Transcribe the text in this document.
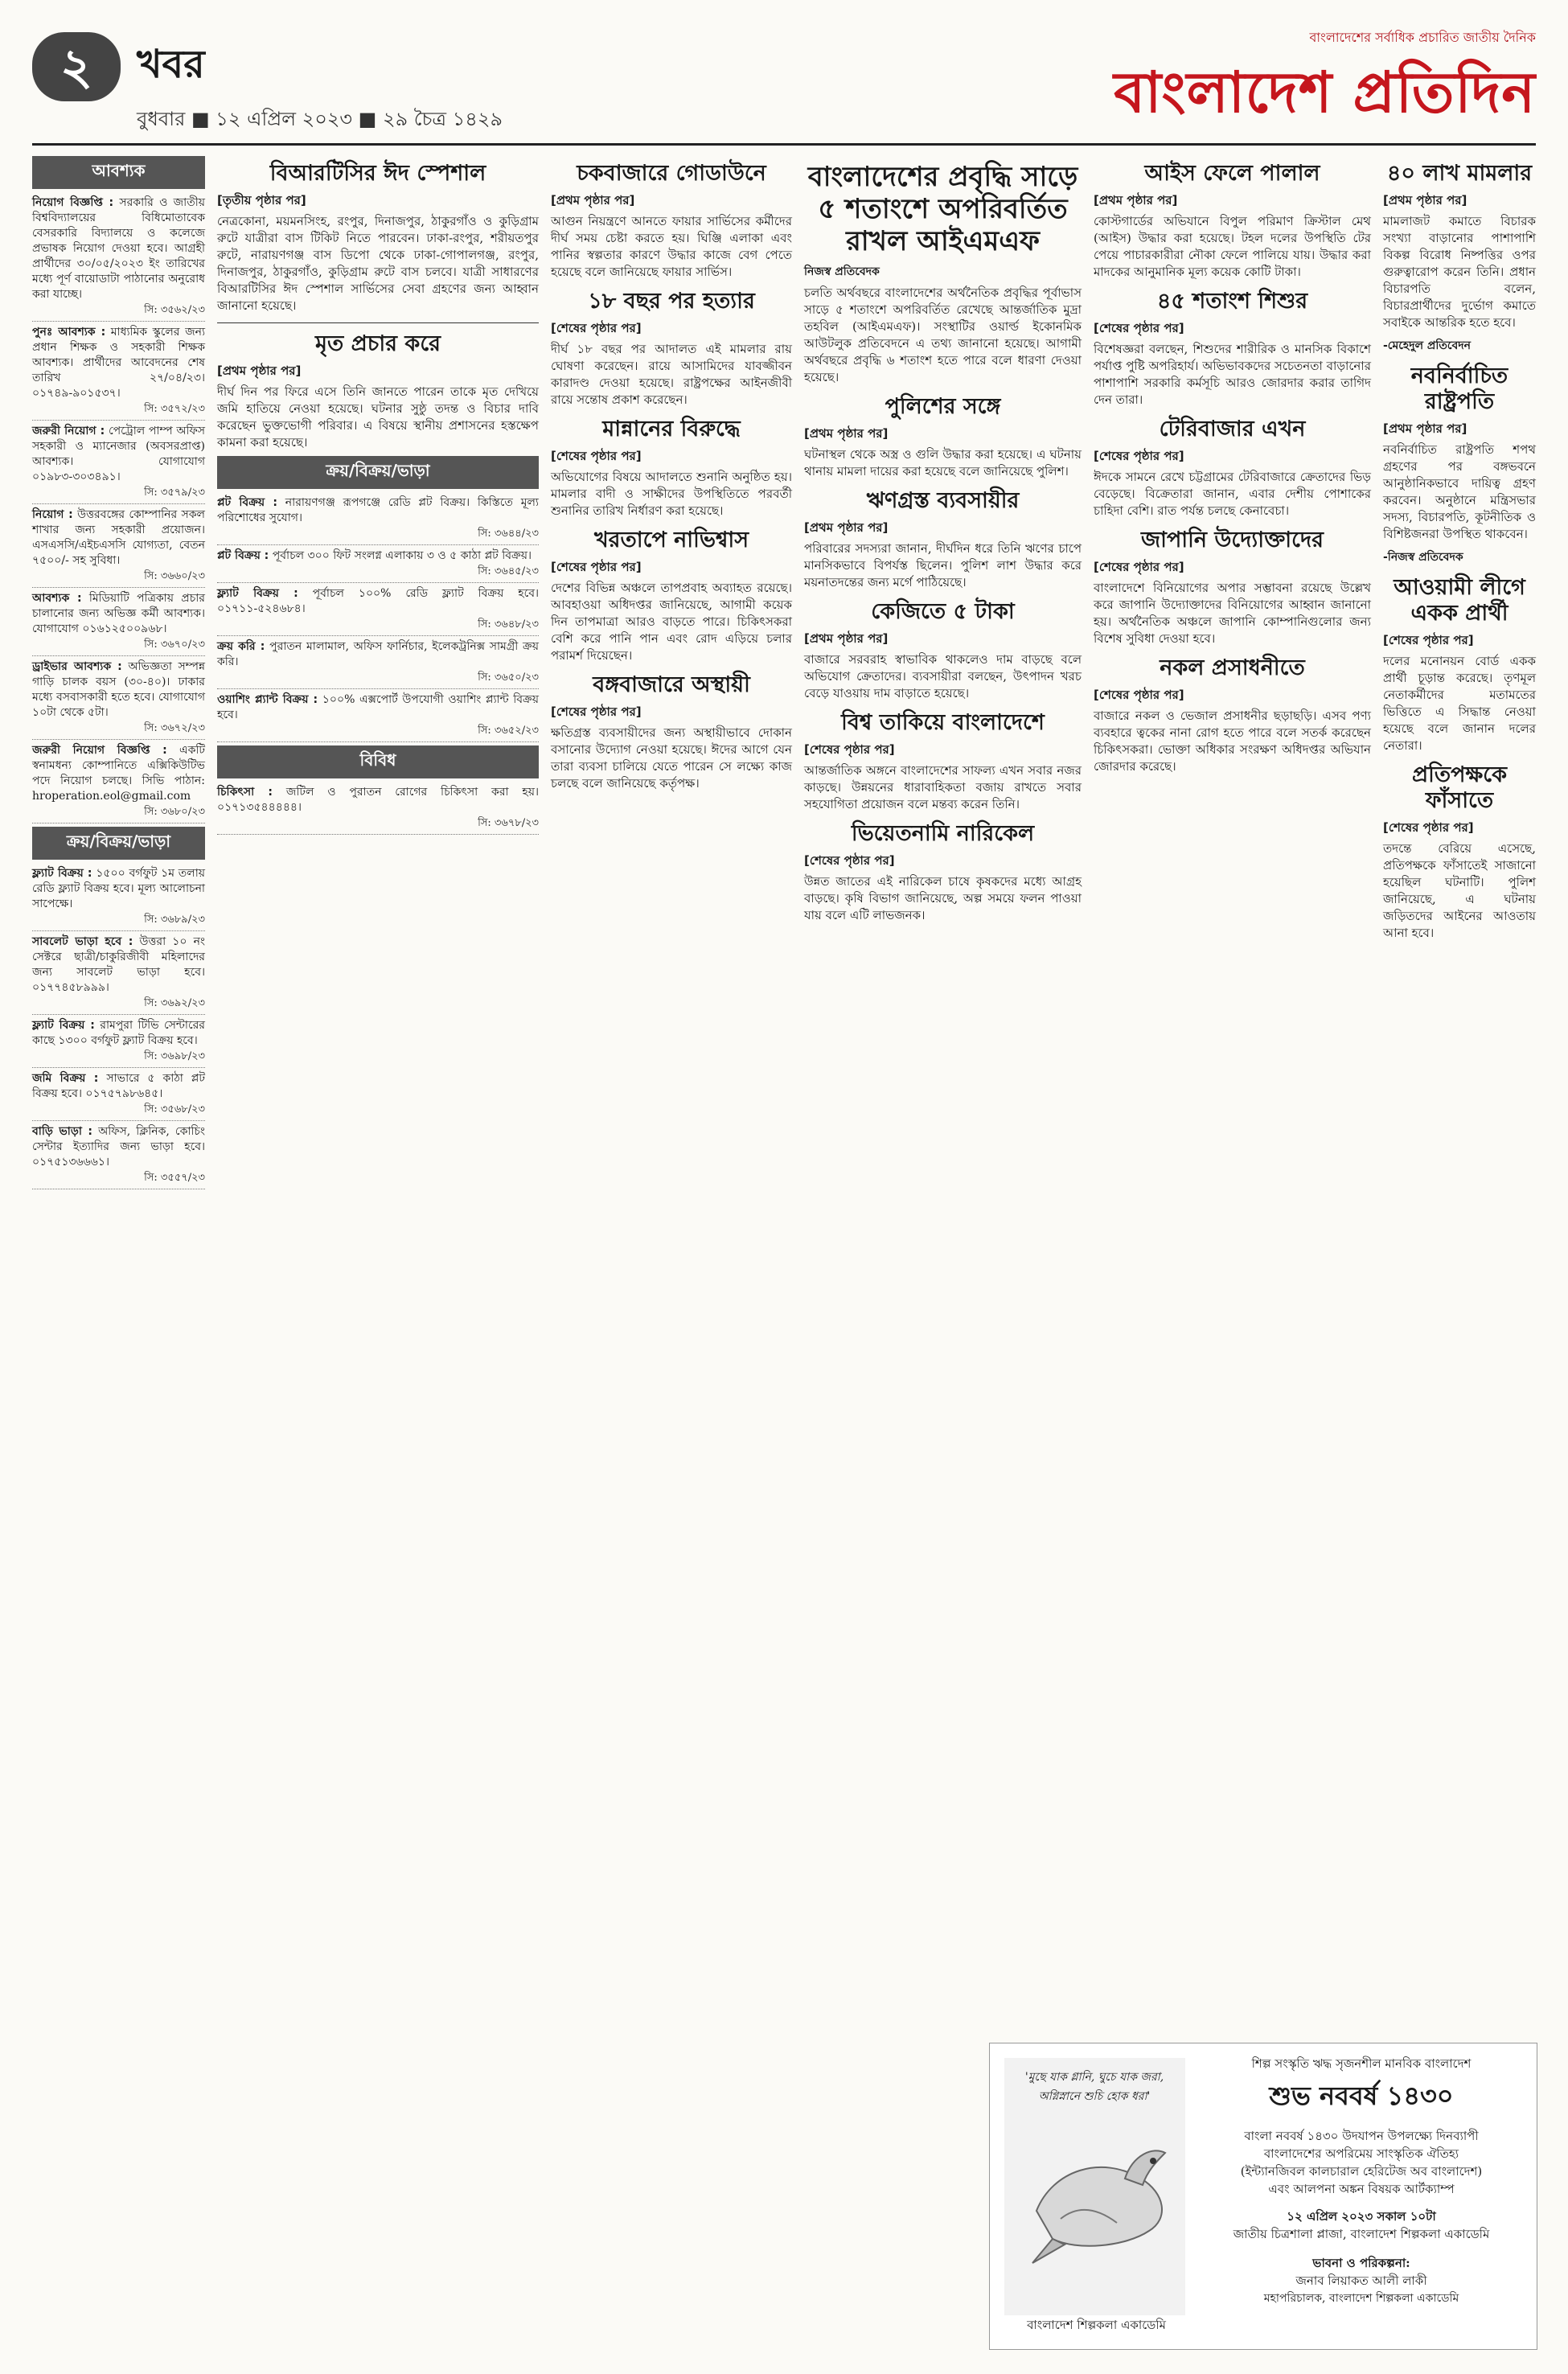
২	খবর
বুধবার ■ ১২ এপ্রিল ২০২৩ ■ ২৯ চৈত্র ১৪২৯
বাংলাদেশের সর্বাধিক প্রচারিত জাতীয় দৈনিক
বাংলাদেশ প্রতিদিন
আবশ্যক
নিয়োগ বিজ্ঞপ্তি : সরকারি ও জাতীয় বিশ্ববিদ্যালয়ের বিধিমোতাবেক বেসরকারি বিদ্যালয়ে ও কলেজে প্রভাষক নিয়োগ দেওয়া হবে। আগ্রহী প্রার্থীদের ৩০/০৫/২০২৩ ইং তারিখের মধ্যে পূর্ণ বায়োডাটা পাঠানোর অনুরোধ করা যাচ্ছে।
সি: ৩৫৬২/২৩
পুনঃ আবশ্যক : মাধ্যমিক স্কুলের জন্য প্রধান শিক্ষক ও সহকারী শিক্ষক আবশ্যক। প্রার্থীদের আবেদনের শেষ তারিখ ২৭/০৪/২৩। ০১৭৪৯-৯০১৫৩৭।
সি: ৩৫৭২/২৩
জরুরী নিয়োগ : পেট্রোল পাম্প অফিস সহকারী ও ম্যানেজার (অবসরপ্রাপ্ত) আবশ্যক। যোগাযোগ ০১৯৮৩-৩০৩৪৯১।
সি: ৩৫৭৯/২৩
নিয়োগ : উত্তরবঙ্গের কোম্পানির সকল শাখার জন্য সহকারী প্রয়োজন। এসএসসি/এইচএসসি যোগ্যতা, বেতন ৭৫০০/- সহ সুবিধা।
সি: ৩৬৬০/২৩
আবশ্যক : মিডিয়াটি পত্রিকায় প্রচার চালানোর জন্য অভিজ্ঞ কর্মী আবশ্যক। যোগাযোগ ০১৬১২৫০০৯৬৮।
সি: ৩৬৭০/২৩
ড্রাইভার আবশ্যক : অভিজ্ঞতা সম্পন্ন গাড়ি চালক বয়স (৩০-৪০)। ঢাকার মধ্যে বসবাসকারী হতে হবে। যোগাযোগ ১০টা থেকে ৫টা।
সি: ৩৬৭২/২৩
জরুরী নিয়োগ বিজ্ঞপ্তি : একটি স্বনামধন্য কোম্পানিতে এক্সিকিউটিভ পদে নিয়োগ চলছে। সিভি পাঠান: hroperation.eol@gmail.com
সি: ৩৬৮০/২৩
ক্রয়/বিক্রয়/ভাড়া
ফ্ল্যাট বিক্রয় : ১৫০০ বর্গফুট ১ম তলায় রেডি ফ্ল্যাট বিক্রয় হবে। মূল্য আলোচনা সাপেক্ষে।
সি: ৩৬৮৯/২৩
সাবলেট ভাড়া হবে : উত্তরা ১০ নং সেক্টরে ছাত্রী/চাকুরিজীবী মহিলাদের জন্য সাবলেট ভাড়া হবে। ০১৭৭৪৫৮৯৯৯।
সি: ৩৬৯২/২৩
ফ্ল্যাট বিক্রয় : রামপুরা টিভি সেন্টারের কাছে ১৩০০ বর্গফুট ফ্ল্যাট বিক্রয় হবে।
সি: ৩৬৯৮/২৩
জমি বিক্রয় : সাভারে ৫ কাঠা প্লট বিক্রয় হবে। ০১৭৫৭৯৮৬৪৫।
সি: ৩৫৬৮/২৩
বাড়ি ভাড়া : অফিস, ক্লিনিক, কোচিং সেন্টার ইত্যাদির জন্য ভাড়া হবে। ০১৭৫১৩৬৬৬১।
সি: ৩৫৫৭/২৩
বিআরটিসির ঈদ স্পেশাল
[তৃতীয় পৃষ্ঠার পর]

নেত্রকোনা, ময়মনসিংহ, রংপুর, দিনাজপুর, ঠাকুরগাঁও ও কুড়িগ্রাম রুটে যাত্রীরা বাস টিকিট নিতে পারবেন। ঢাকা-রংপুর, শরীয়তপুর রুটে, নারায়ণগঞ্জ বাস ডিপো থেকে ঢাকা-গোপালগঞ্জ, রংপুর, দিনাজপুর, ঠাকুরগাঁও, কুড়িগ্রাম রুটে বাস চলবে। যাত্রী সাধারণের বিআরটিসির ঈদ স্পেশাল সার্ভিসের সেবা গ্রহণের জন্য আহ্বান জানানো হয়েছে।

মৃত প্রচার করে
[প্রথম পৃষ্ঠার পর]

দীর্ঘ দিন পর ফিরে এসে তিনি জানতে পারেন তাকে মৃত দেখিয়ে জমি হাতিয়ে নেওয়া হয়েছে। ঘটনার সুষ্ঠু তদন্ত ও বিচার দাবি করেছেন ভুক্তভোগী পরিবার। এ বিষয়ে স্থানীয় প্রশাসনের হস্তক্ষেপ কামনা করা হয়েছে।

ক্রয়/বিক্রয়/ভাড়া
প্লট বিক্রয় : নারায়ণগঞ্জ রূপগঞ্জে রেডি প্লট বিক্রয়। কিস্তিতে মূল্য পরিশোধের সুযোগ।
সি: ৩৬৪৪/২৩
প্লট বিক্রয় : পূর্বাচল ৩০০ ফিট সংলগ্ন এলাকায় ৩ ও ৫ কাঠা প্লট বিক্রয়।
সি: ৩৬৪৫/২৩
ফ্ল্যাট বিক্রয় : পূর্বাচল ১০০% রেডি ফ্ল্যাট বিক্রয় হবে। ০১৭১১-৫২৪৬৮৪।
সি: ৩৬৪৮/২৩
ক্রয় করি : পুরাতন মালামাল, অফিস ফার্নিচার, ইলেকট্রনিক্স সামগ্রী ক্রয় করি।
সি: ৩৬৫০/২৩
ওয়াশিং প্ল্যান্ট বিক্রয় : ১০০% এক্সপোর্ট উপযোগী ওয়াশিং প্ল্যান্ট বিক্রয় হবে।
সি: ৩৬৫২/২৩
বিবিধ
চিকিৎসা : জটিল ও পুরাতন রোগের চিকিৎসা করা হয়। ০১৭১৩৫৪৪৪৪৪।
সি: ৩৬৭৮/২৩
চকবাজারে গোডাউনে
[প্রথম পৃষ্ঠার পর]

আগুন নিয়ন্ত্রণে আনতে ফায়ার সার্ভিসের কর্মীদের দীর্ঘ সময় চেষ্টা করতে হয়। ঘিঞ্জি এলাকা এবং পানির স্বল্পতার কারণে উদ্ধার কাজে বেগ পেতে হয়েছে বলে জানিয়েছে ফায়ার সার্ভিস।

১৮ বছর পর হত্যার
[শেষের পৃষ্ঠার পর]

দীর্ঘ ১৮ বছর পর আদালত এই মামলার রায় ঘোষণা করেছেন। রায়ে আসামিদের যাবজ্জীবন কারাদণ্ড দেওয়া হয়েছে। রাষ্ট্রপক্ষের আইনজীবী রায়ে সন্তোষ প্রকাশ করেছেন।

মান্নানের বিরুদ্ধে
[শেষের পৃষ্ঠার পর]

অভিযোগের বিষয়ে আদালতে শুনানি অনুষ্ঠিত হয়। মামলার বাদী ও সাক্ষীদের উপস্থিতিতে পরবর্তী শুনানির তারিখ নির্ধারণ করা হয়েছে।

খরতাপে নাভিশ্বাস
[শেষের পৃষ্ঠার পর]

দেশের বিভিন্ন অঞ্চলে তাপপ্রবাহ অব্যাহত রয়েছে। আবহাওয়া অধিদপ্তর জানিয়েছে, আগামী কয়েক দিন তাপমাত্রা আরও বাড়তে পারে। চিকিৎসকরা বেশি করে পানি পান এবং রোদ এড়িয়ে চলার পরামর্শ দিয়েছেন।

বঙ্গবাজারে অস্থায়ী
[শেষের পৃষ্ঠার পর]

ক্ষতিগ্রস্ত ব্যবসায়ীদের জন্য অস্থায়ীভাবে দোকান বসানোর উদ্যোগ নেওয়া হয়েছে। ঈদের আগে যেন তারা ব্যবসা চালিয়ে যেতে পারেন সে লক্ষ্যে কাজ চলছে বলে জানিয়েছে কর্তৃপক্ষ।

বাংলাদেশের প্রবৃদ্ধি সাড়ে ৫ শতাংশে অপরিবর্তিত রাখল আইএমএফ
নিজস্ব প্রতিবেদক

চলতি অর্থবছরে বাংলাদেশের অর্থনৈতিক প্রবৃদ্ধির পূর্বাভাস সাড়ে ৫ শতাংশে অপরিবর্তিত রেখেছে আন্তর্জাতিক মুদ্রা তহবিল (আইএমএফ)। সংস্থাটির ওয়ার্ল্ড ইকোনমিক আউটলুক প্রতিবেদনে এ তথ্য জানানো হয়েছে। আগামী অর্থবছরে প্রবৃদ্ধি ৬ শতাংশ হতে পারে বলে ধারণা দেওয়া হয়েছে।

পুলিশের সঙ্গে
[প্রথম পৃষ্ঠার পর]

ঘটনাস্থল থেকে অস্ত্র ও গুলি উদ্ধার করা হয়েছে। এ ঘটনায় থানায় মামলা দায়ের করা হয়েছে বলে জানিয়েছে পুলিশ।

ঋণগ্রস্ত ব্যবসায়ীর
[প্রথম পৃষ্ঠার পর]

পরিবারের সদস্যরা জানান, দীর্ঘদিন ধরে তিনি ঋণের চাপে মানসিকভাবে বিপর্যস্ত ছিলেন। পুলিশ লাশ উদ্ধার করে ময়নাতদন্তের জন্য মর্গে পাঠিয়েছে।

কেজিতে ৫ টাকা
[প্রথম পৃষ্ঠার পর]

বাজারে সরবরাহ স্বাভাবিক থাকলেও দাম বাড়ছে বলে অভিযোগ ক্রেতাদের। ব্যবসায়ীরা বলছেন, উৎপাদন খরচ বেড়ে যাওয়ায় দাম বাড়াতে হয়েছে।

বিশ্ব তাকিয়ে বাংলাদেশে
[শেষের পৃষ্ঠার পর]

আন্তর্জাতিক অঙ্গনে বাংলাদেশের সাফল্য এখন সবার নজর কাড়ছে। উন্নয়নের ধারাবাহিকতা বজায় রাখতে সবার সহযোগিতা প্রয়োজন বলে মন্তব্য করেন তিনি।

ভিয়েতনামি নারিকেল
[শেষের পৃষ্ঠার পর]

উন্নত জাতের এই নারিকেল চাষে কৃষকদের মধ্যে আগ্রহ বাড়ছে। কৃষি বিভাগ জানিয়েছে, অল্প সময়ে ফলন পাওয়া যায় বলে এটি লাভজনক।

আইস ফেলে পালাল
[প্রথম পৃষ্ঠার পর]

কোস্টগার্ডের অভিযানে বিপুল পরিমাণ ক্রিস্টাল মেথ (আইস) উদ্ধার করা হয়েছে। টহল দলের উপস্থিতি টের পেয়ে পাচারকারীরা নৌকা ফেলে পালিয়ে যায়। উদ্ধার করা মাদকের আনুমানিক মূল্য কয়েক কোটি টাকা।

৪৫ শতাংশ শিশুর
[শেষের পৃষ্ঠার পর]

বিশেষজ্ঞরা বলছেন, শিশুদের শারীরিক ও মানসিক বিকাশে পর্যাপ্ত পুষ্টি অপরিহার্য। অভিভাবকদের সচেতনতা বাড়ানোর পাশাপাশি সরকারি কর্মসূচি আরও জোরদার করার তাগিদ দেন তারা।

টেরিবাজার এখন
[শেষের পৃষ্ঠার পর]

ঈদকে সামনে রেখে চট্টগ্রামের টেরিবাজারে ক্রেতাদের ভিড় বেড়েছে। বিক্রেতারা জানান, এবার দেশীয় পোশাকের চাহিদা বেশি। রাত পর্যন্ত চলছে কেনাবেচা।

জাপানি উদ্যোক্তাদের
[শেষের পৃষ্ঠার পর]

বাংলাদেশে বিনিয়োগের অপার সম্ভাবনা রয়েছে উল্লেখ করে জাপানি উদ্যোক্তাদের বিনিয়োগের আহ্বান জানানো হয়। অর্থনৈতিক অঞ্চলে জাপানি কোম্পানিগুলোর জন্য বিশেষ সুবিধা দেওয়া হবে।

নকল প্রসাধনীতে
[শেষের পৃষ্ঠার পর]

বাজারে নকল ও ভেজাল প্রসাধনীর ছড়াছড়ি। এসব পণ্য ব্যবহারে ত্বকের নানা রোগ হতে পারে বলে সতর্ক করেছেন চিকিৎসকরা। ভোক্তা অধিকার সংরক্ষণ অধিদপ্তর অভিযান জোরদার করেছে।

৪০ লাখ মামলার
[প্রথম পৃষ্ঠার পর]

মামলাজট কমাতে বিচারক সংখ্যা বাড়ানোর পাশাপাশি বিকল্প বিরোধ নিষ্পত্তির ওপর গুরুত্বারোপ করেন তিনি। প্রধান বিচারপতি বলেন, বিচারপ্রার্থীদের দুর্ভোগ কমাতে সবাইকে আন্তরিক হতে হবে।

-মেহেদুল প্রতিবেদন
নবনির্বাচিত রাষ্ট্রপতি
[প্রথম পৃষ্ঠার পর]

নবনির্বাচিত রাষ্ট্রপতি শপথ গ্রহণের পর বঙ্গভবনে আনুষ্ঠানিকভাবে দায়িত্ব গ্রহণ করবেন। অনুষ্ঠানে মন্ত্রিসভার সদস্য, বিচারপতি, কূটনীতিক ও বিশিষ্টজনরা উপস্থিত থাকবেন।

-নিজস্ব প্রতিবেদক
আওয়ামী লীগে একক প্রার্থী
[শেষের পৃষ্ঠার পর]

দলের মনোনয়ন বোর্ড একক প্রার্থী চূড়ান্ত করেছে। তৃণমূল নেতাকর্মীদের মতামতের ভিত্তিতে এ সিদ্ধান্ত নেওয়া হয়েছে বলে জানান দলের নেতারা।

প্রতিপক্ষকে ফাঁসাতে
[শেষের পৃষ্ঠার পর]

তদন্তে বেরিয়ে এসেছে, প্রতিপক্ষকে ফাঁসাতেই সাজানো হয়েছিল ঘটনাটি। পুলিশ জানিয়েছে, এ ঘটনায় জড়িতদের আইনের আওতায় আনা হবে।

'মুছে যাক গ্লানি, ঘুচে যাক জরা, অগ্নিস্নানে শুচি হোক ধরা'
বাংলাদেশ শিল্পকলা একাডেমি
শিল্প সংস্কৃতি ঋদ্ধ সৃজনশীল মানবিক বাংলাদেশ
শুভ নববর্ষ ১৪৩০
বাংলা নববর্ষ ১৪৩০ উদযাপন উপলক্ষ্যে দিনব্যাপী
বাংলাদেশের অপরিমেয় সাংস্কৃতিক ঐতিহ্য
(ইন্ট্যানজিবল কালচারাল হেরিটেজ অব বাংলাদেশ)
এবং আলপনা অঙ্কন বিষয়ক আর্টক্যাম্প
১২ এপ্রিল ২০২৩ সকাল ১০টা
জাতীয় চিত্রশালা প্লাজা, বাংলাদেশ শিল্পকলা একাডেমি
ভাবনা ও পরিকল্পনা:
জনাব লিয়াকত আলী লাকী
মহাপরিচালক, বাংলাদেশ শিল্পকলা একাডেমি
